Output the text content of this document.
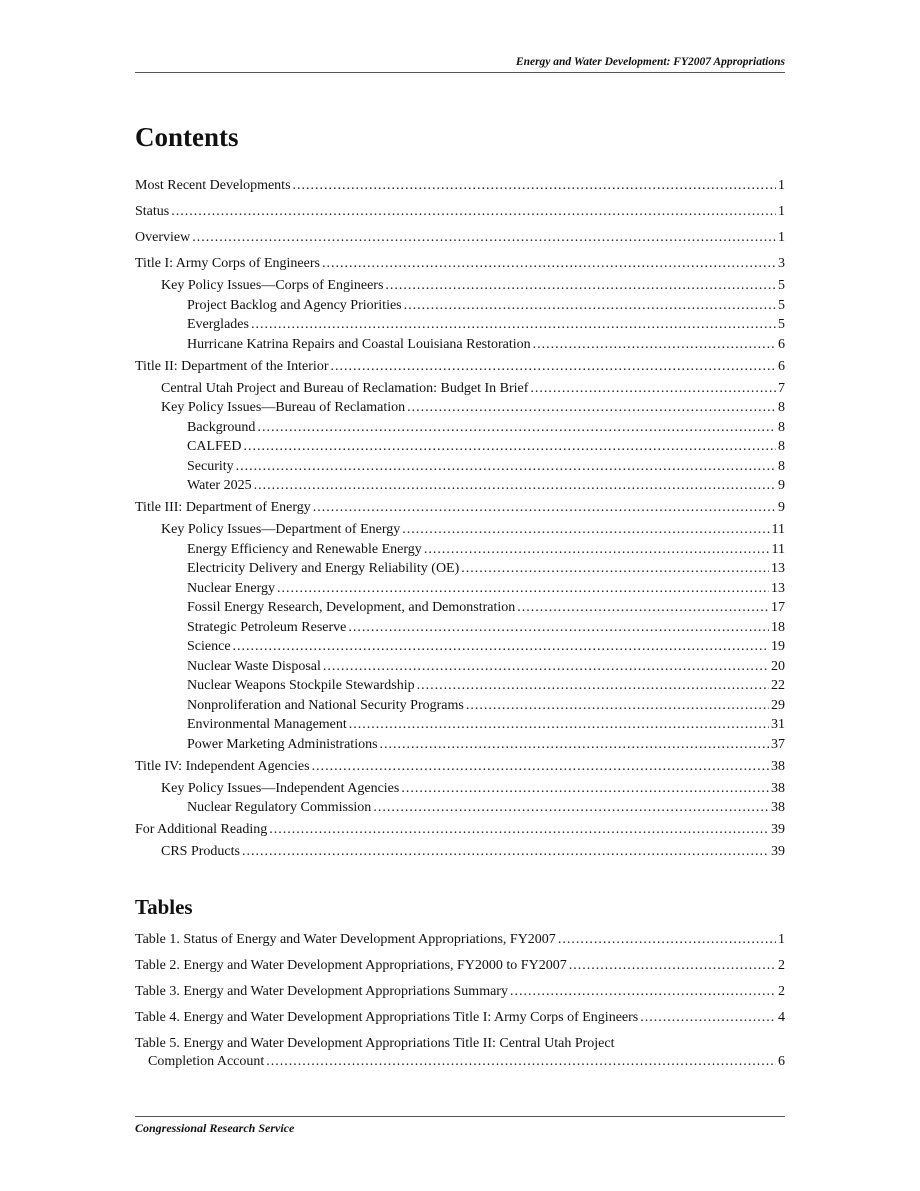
Energy and Water Development: FY2007 Appropriations
Contents
Most Recent Developments .....	1
Status .....	1
Overview .....	1
Title I: Army Corps of Engineers .....	3
Key Policy Issues—Corps of Engineers .....	5
Project Backlog and Agency Priorities .....	5
Everglades .....	5
Hurricane Katrina Repairs and Coastal Louisiana Restoration .....	6
Title II: Department of the Interior .....	6
Central Utah Project and Bureau of Reclamation: Budget In Brief .....	7
Key Policy Issues—Bureau of Reclamation .....	8
Background .....	8
CALFED .....	8
Security .....	8
Water 2025 .....	9
Title III: Department of Energy .....	9
Key Policy Issues—Department of Energy .....	11
Energy Efficiency and Renewable Energy .....	11
Electricity Delivery and Energy Reliability (OE) .....	13
Nuclear Energy .....	13
Fossil Energy Research, Development, and Demonstration .....	17
Strategic Petroleum Reserve .....	18
Science .....	19
Nuclear Waste Disposal .....	20
Nuclear Weapons Stockpile Stewardship .....	22
Nonproliferation and National Security Programs .....	29
Environmental Management .....	31
Power Marketing Administrations .....	37
Title IV: Independent Agencies .....	38
Key Policy Issues—Independent Agencies .....	38
Nuclear Regulatory Commission .....	38
For Additional Reading .....	39
CRS Products .....	39
Tables
Table 1. Status of Energy and Water Development Appropriations, FY2007 .....	1
Table 2. Energy and Water Development Appropriations, FY2000 to FY2007 .....	2
Table 3. Energy and Water Development Appropriations Summary .....	2
Table 4. Energy and Water Development Appropriations Title I: Army Corps of Engineers .....	4
Table 5. Energy and Water Development Appropriations Title II: Central Utah Project
Completion Account .....	6
Congressional Research Service
